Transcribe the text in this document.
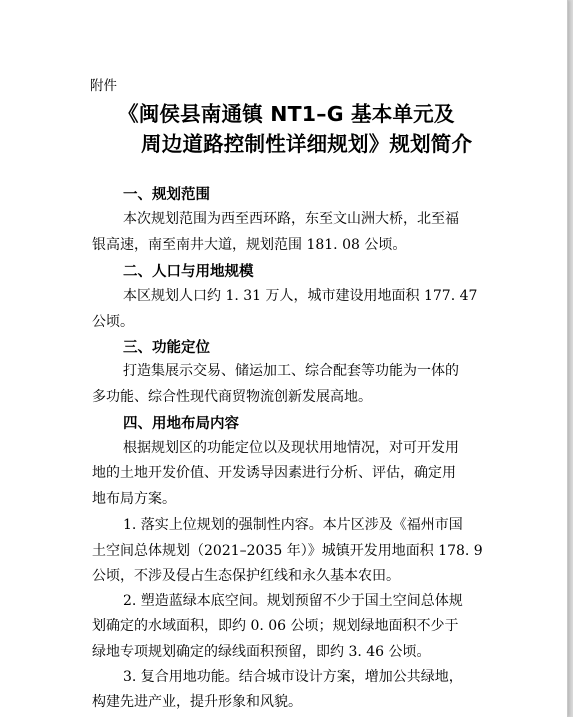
附件
《闽侯县南通镇 NT1–G 基本单元及
周边道路控制性详细规划》规划简介
一、规划范围
本次规划范围为西至西环路，东至文山洲大桥，北至福
银高速，南至南井大道，规划范围 181. 08 公顷。
二、人口与用地规模
本区规划人口约 1. 31 万人，城市建设用地面积 177. 47
公顷。
三、功能定位
打造集展示交易、储运加工、综合配套等功能为一体的
多功能、综合性现代商贸物流创新发展高地。
四、用地布局内容
根据规划区的功能定位以及现状用地情况，对可开发用
地的土地开发价值、开发诱导因素进行分析、评估，确定用
地布局方案。
1. 落实上位规划的强制性内容。本片区涉及《福州市国
土空间总体规划（2021–2035 年）》城镇开发用地面积 178. 9
公顷，不涉及侵占生态保护红线和永久基本农田。
2. 塑造蓝绿本底空间。规划预留不少于国土空间总体规
划确定的水域面积，即约 0. 06 公顷；规划绿地面积不少于
绿地专项规划确定的绿线面积预留，即约 3. 46 公顷。
3. 复合用地功能。结合城市设计方案，增加公共绿地，
构建先进产业，提升形象和风貌。
